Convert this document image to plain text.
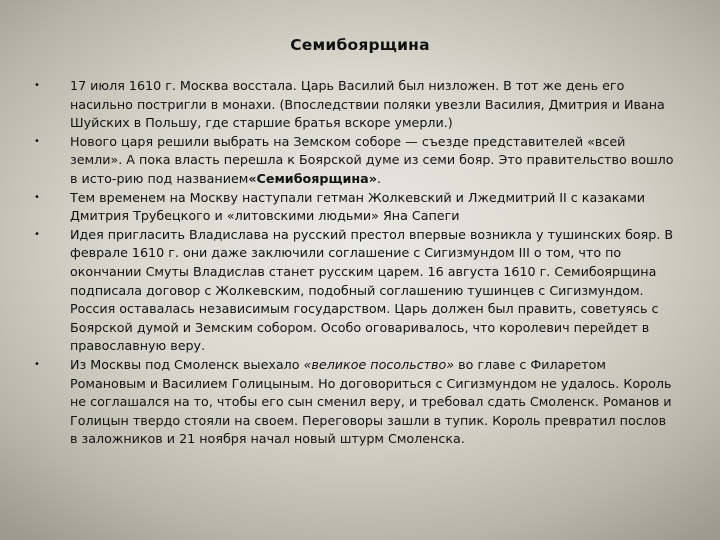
Семибоярщина
• 17 июля 1610 г. Москва восстала. Царь Василий был низложен. В тот же день его насильно постригли в монахи. (Впоследствии поляки увезли Василия, Дмитрия и Ивана Шуйских в Польшу, где старшие братья вскоре умерли.)
• Нового царя решили выбрать на Земском соборе — съезде представителей «всей земли». А пока власть перешла к Боярской думе из семи бояр. Это правительство вошло в исто-рию под названием«Семибоярщина».
• Тем временем на Москву наступали гетман Жолкевский и Лжедмитрий II с казаками Дмитрия Трубецкого и «литовскими людьми» Яна Сапеги
• Идея пригласить Владислава на русский престол впервые возникла у тушинских бояр. В феврале 1610 г. они даже заключили соглашение с Сигизмундом III о том, что по окончании Смуты Владислав станет русским царем. 16 августа 1610 г. Семибоярщина подписала договор с Жолкевским, подобный соглашению тушинцев с Сигизмундом. Россия оставалась независимым государством. Царь должен был править, советуясь с Боярской думой и Земским собором. Особо оговаривалось, что королевич перейдет в православную веру.
• Из Москвы под Смоленск выехало «великое посольство» во главе с Филаретом Романовым и Василием Голицыным. Но договориться с Сигизмундом не удалось. Король не соглашался на то, чтобы его сын сменил веру, и требовал сдать Смоленск. Романов и Голицын твердо стояли на своем. Переговоры зашли в тупик. Король превратил послов в заложников и 21 ноября начал новый штурм Смоленска.
